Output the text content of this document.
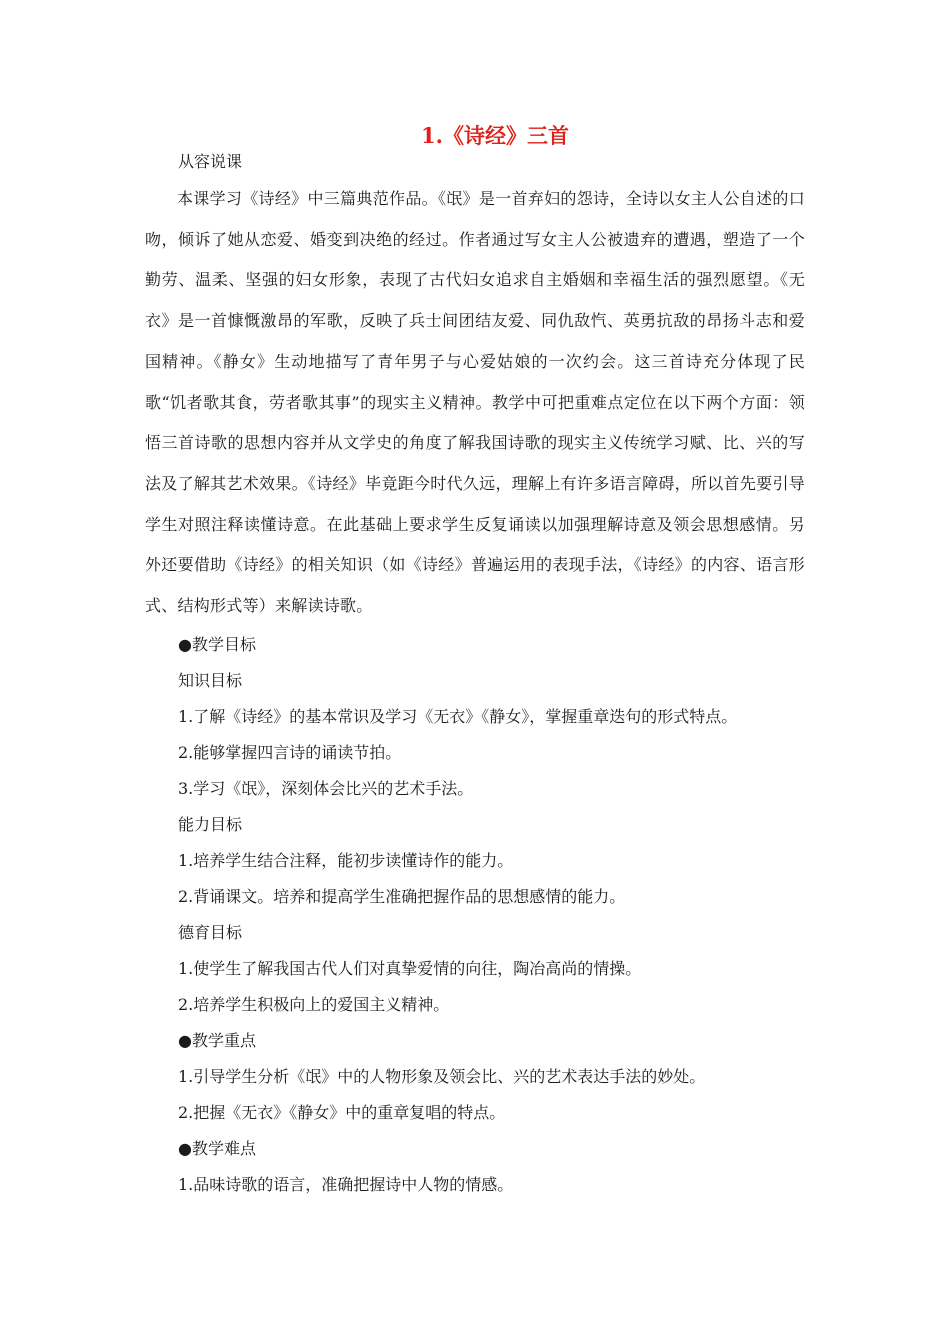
1.《诗经》三首
从容说课
本课学习《诗经》中三篇典范作品。《氓》是一首弃妇的怨诗，全诗以女主人公自述的口吻，倾诉了她从恋爱、婚变到决绝的经过。作者通过写女主人公被遗弃的遭遇，塑造了一个勤劳、温柔、坚强的妇女形象，表现了古代妇女追求自主婚姻和幸福生活的强烈愿望。《无衣》是一首慷慨激昂的军歌，反映了兵士间团结友爱、同仇敌忾、英勇抗敌的昂扬斗志和爱国精神。《静女》生动地描写了青年男子与心爱姑娘的一次约会。这三首诗充分体现了民歌“饥者歌其食，劳者歌其事”的现实主义精神。教学中可把重难点定位在以下两个方面：领悟三首诗歌的思想内容并从文学史的角度了解我国诗歌的现实主义传统学习赋、比、兴的写法及了解其艺术效果。《诗经》毕竟距今时代久远，理解上有许多语言障碍，所以首先要引导学生对照注释读懂诗意。在此基础上要求学生反复诵读以加强理解诗意及领会思想感情。另外还要借助《诗经》的相关知识（如《诗经》普遍运用的表现手法，《诗经》的内容、语言形式、结构形式等）来解读诗歌。
●教学目标
知识目标
1.了解《诗经》的基本常识及学习《无衣》《静女》，掌握重章迭句的形式特点。
2.能够掌握四言诗的诵读节拍。
3.学习《氓》，深刻体会比兴的艺术手法。
能力目标
1.培养学生结合注释，能初步读懂诗作的能力。
2.背诵课文。培养和提高学生准确把握作品的思想感情的能力。
德育目标
1.使学生了解我国古代人们对真挚爱情的向往，陶冶高尚的情操。
2.培养学生积极向上的爱国主义精神。
●教学重点
1.引导学生分析《氓》中的人物形象及领会比、兴的艺术表达手法的妙处。
2.把握《无衣》《静女》中的重章复唱的特点。
●教学难点
1.品味诗歌的语言，准确把握诗中人物的情感。
